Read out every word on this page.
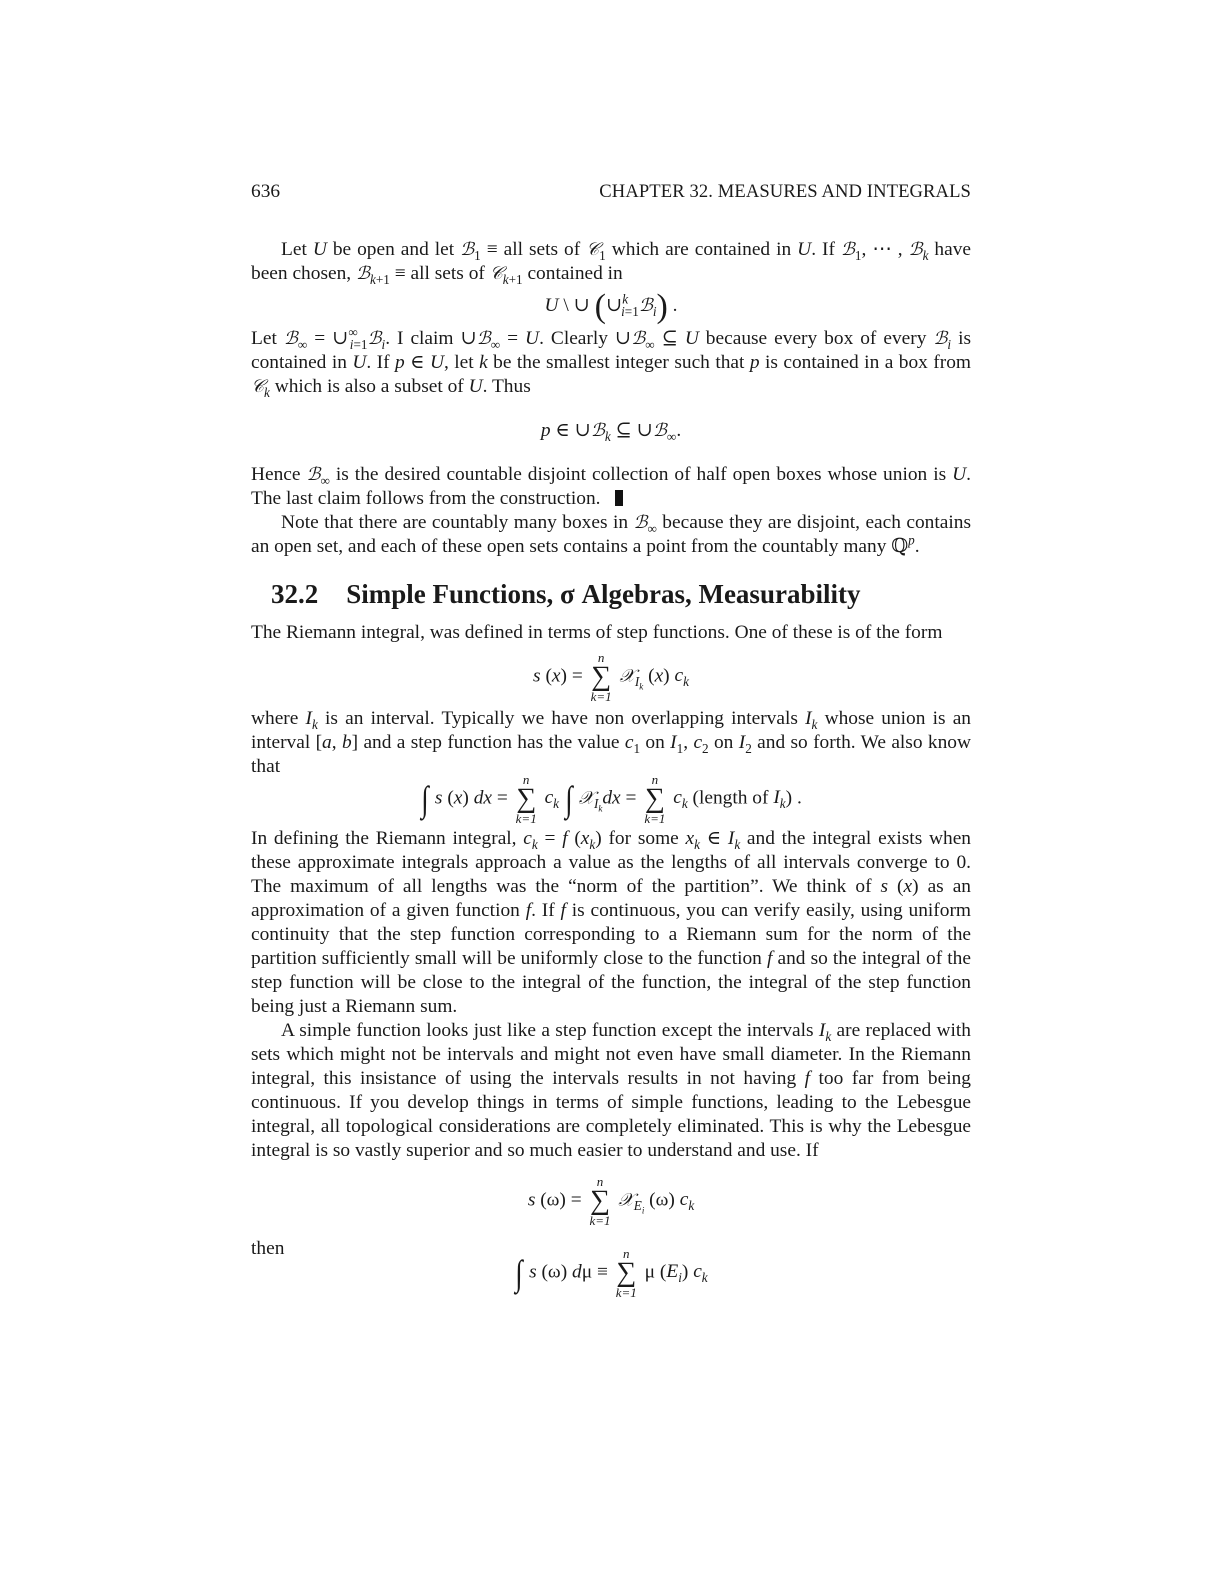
636	CHAPTER 32. MEASURES AND INTEGRALS

Let U be open and let ℬ$_1$ ≡ all sets of 𝒞$_1$ which are contained in U. If ℬ$_1$, ⋯ , ℬ$_k$ have been chosen, ℬ$_{k+1}$ ≡ all sets of 𝒞$_{k+1}$ contained in

U \ ∪ (∪$^k_{i=1}$ℬ$_i$) .

Let ℬ$_\infty$ = $\cup^\infty_{i=1}ℬ_i$. I claim ∪ℬ$_\infty$ = U. Clearly ∪ℬ$_\infty$ ⊆ U because every box of every ℬ$_i$ is contained in U. If p ∈ U, let k be the smallest integer such that p is contained in a box from 𝒞$_k$ which is also a subset of U. Thus

p ∈ ∪ℬ$_k$ ⊆ ∪ℬ$_\infty$.

Hence ℬ$_\infty$ is the desired countable disjoint collection of half open boxes whose union is U. The last claim follows from the construction.

Note that there are countably many boxes in ℬ$_\infty$ because they are disjoint, each contains an open set, and each of these open sets contains a point from the countably many ℚ$^p$.

32.2 Simple Functions, σ Algebras, Measurability

The Riemann integral, was defined in terms of step functions. One of these is of the form

s (x) =
n
∑
k=1
𝒳$_{I_k}$ (x) $c_k$

where $I_k$ is an interval. Typically we have non overlapping intervals $I_k$ whose union is an interval [a, b] and a step function has the value $c_1$ on $I_1$, $c_2$ on $I_2$ and so forth. We also know that

∫ s (x) dx =
n
∑
k=1
$c_k$ ∫ 𝒳$_{I_k}$dx =
n
∑
k=1
$c_k$ (length of $I_k$) .

In defining the Riemann integral, $c_k = f$ $(x_k)$ for some $x_k$ ∈ $I_k$ and the integral exists when these approximate integrals approach a value as the lengths of all intervals converge to 0. The maximum of all lengths was the “norm of the partition”. We think of s (x) as an approximation of a given function f. If f is continuous, you can verify easily, using uniform continuity that the step function corresponding to a Riemann sum for the norm of the partition sufficiently small will be uniformly close to the function f and so the integral of the step function will be close to the integral of the function, the integral of the step function being just a Riemann sum.

A simple function looks just like a step function except the intervals $I_k$ are replaced with sets which might not be intervals and might not even have small diameter. In the Riemann integral, this insistance of using the intervals results in not having f too far from being continuous. If you develop things in terms of simple functions, leading to the Lebesgue integral, all topological considerations are completely eliminated. This is why the Lebesgue integral is so vastly superior and so much easier to understand and use. If

s (ω) =
n
∑
k=1
𝒳$_{E_i}$ (ω) $c_k$

then

∫ s (ω) dμ ≡
n
∑
k=1
μ $(E_i)$ $c_k$
